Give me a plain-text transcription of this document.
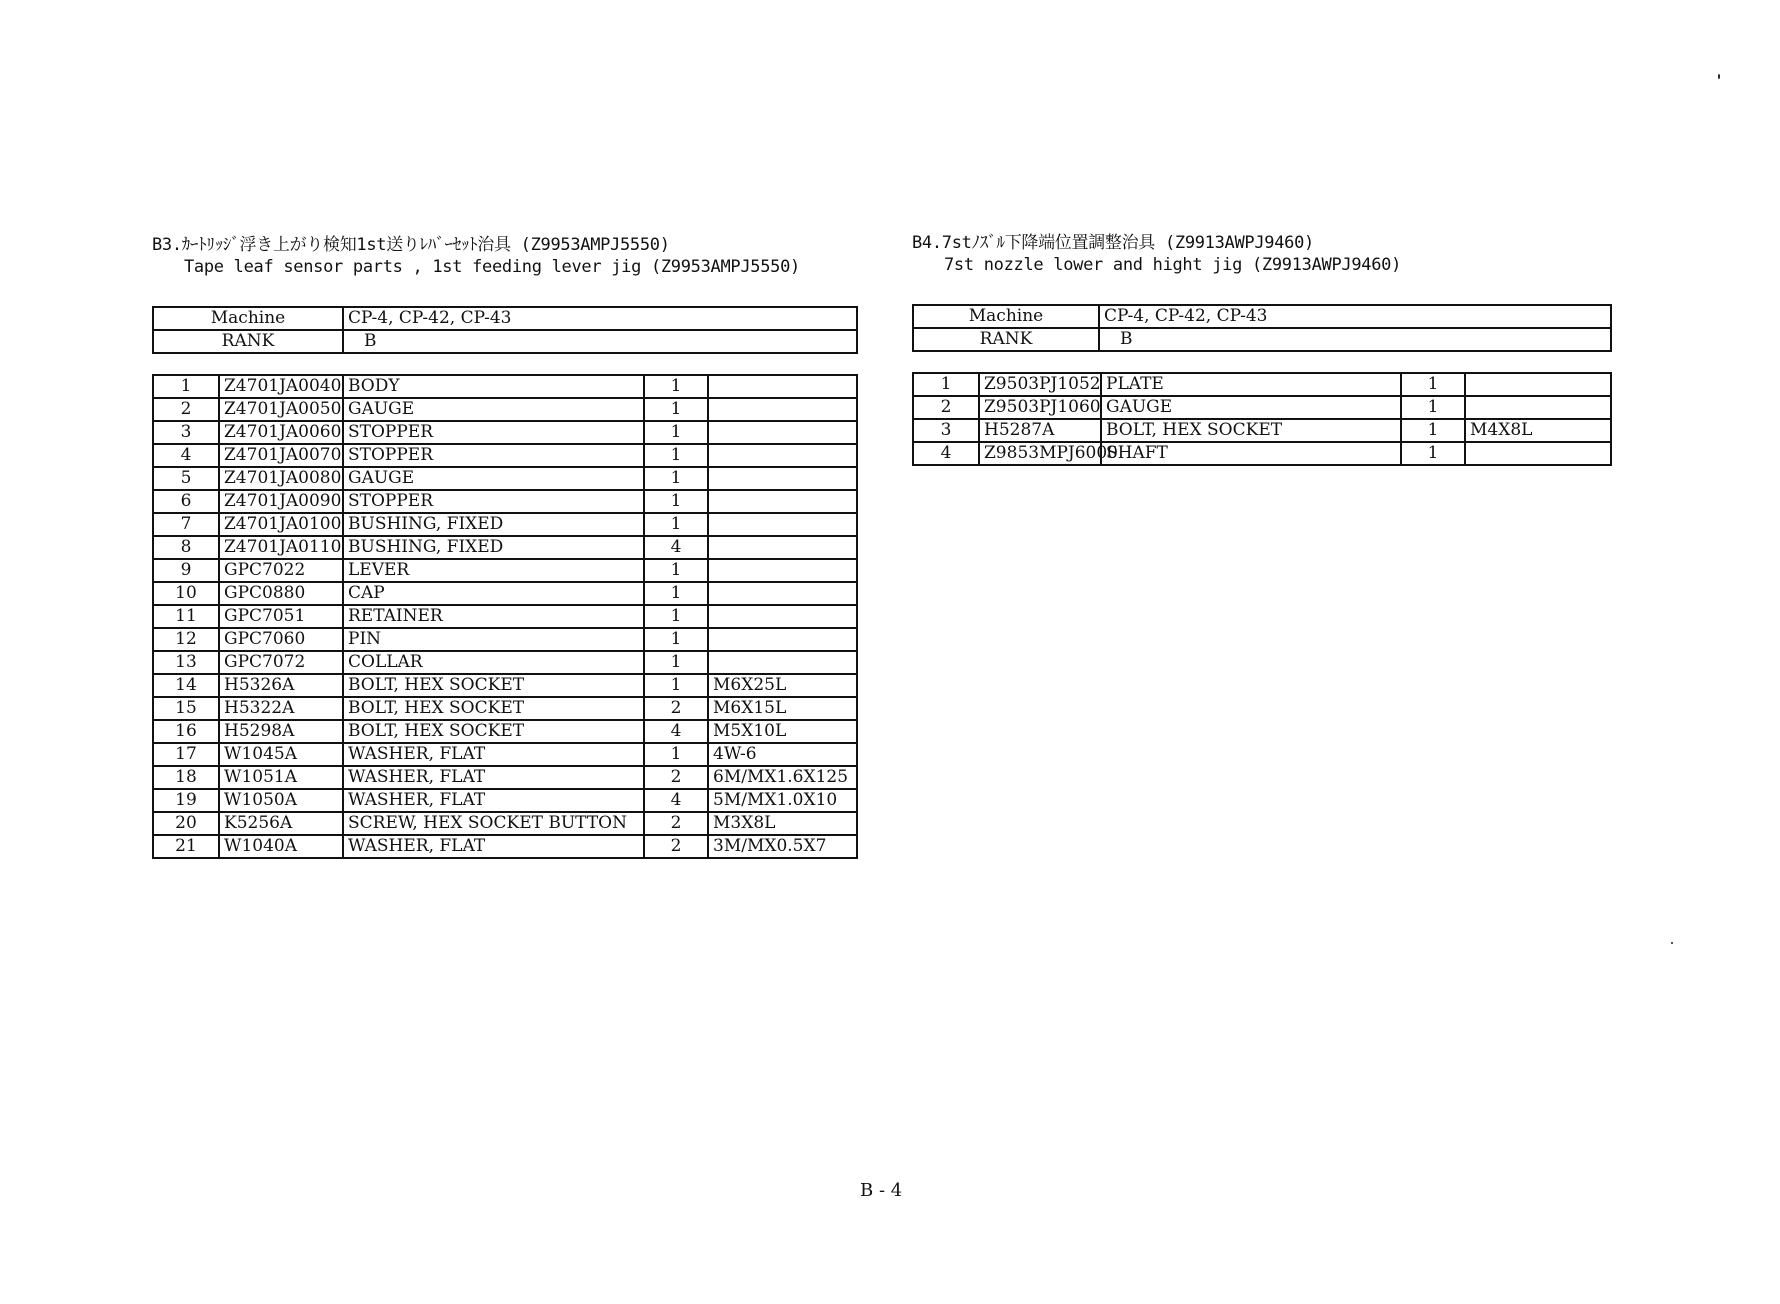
B3.ｶｰﾄﾘｯｼﾞ浮き上がり検知1st送りﾚﾊﾞｰｾｯﾄ治具 (Z9953AMPJ5550)
Tape leaf sensor parts , 1st feeding lever jig (Z9953AMPJ5550)
Machine	CP-4, CP-42, CP-43
RANK	B
1	Z4701JA0040	BODY	1	
2	Z4701JA0050	GAUGE	1	
3	Z4701JA0060	STOPPER	1	
4	Z4701JA0070	STOPPER	1	
5	Z4701JA0080	GAUGE	1	
6	Z4701JA0090	STOPPER	1	
7	Z4701JA0100	BUSHING, FIXED	1	
8	Z4701JA0110	BUSHING, FIXED	4	
9	GPC7022	LEVER	1	
10	GPC0880	CAP	1	
11	GPC7051	RETAINER	1	
12	GPC7060	PIN	1	
13	GPC7072	COLLAR	1	
14	H5326A	BOLT, HEX SOCKET	1	M6X25L
15	H5322A	BOLT, HEX SOCKET	2	M6X15L
16	H5298A	BOLT, HEX SOCKET	4	M5X10L
17	W1045A	WASHER, FLAT	1	4W-6
18	W1051A	WASHER, FLAT	2	6M/MX1.6X125
19	W1050A	WASHER, FLAT	4	5M/MX1.0X10
20	K5256A	SCREW, HEX SOCKET BUTTON	2	M3X8L
21	W1040A	WASHER, FLAT	2	3M/MX0.5X7
B4.7stﾉｽﾞﾙ下降端位置調整治具 (Z9913AWPJ9460)
7st nozzle lower and hight jig (Z9913AWPJ9460)
Machine	CP-4, CP-42, CP-43
RANK	B
1	Z9503PJ1052	PLATE	1	
2	Z9503PJ1060	GAUGE	1	
3	H5287A	BOLT, HEX SOCKET	1	M4X8L
4	Z9853MPJ6000	SHAFT	1	
B - 4
